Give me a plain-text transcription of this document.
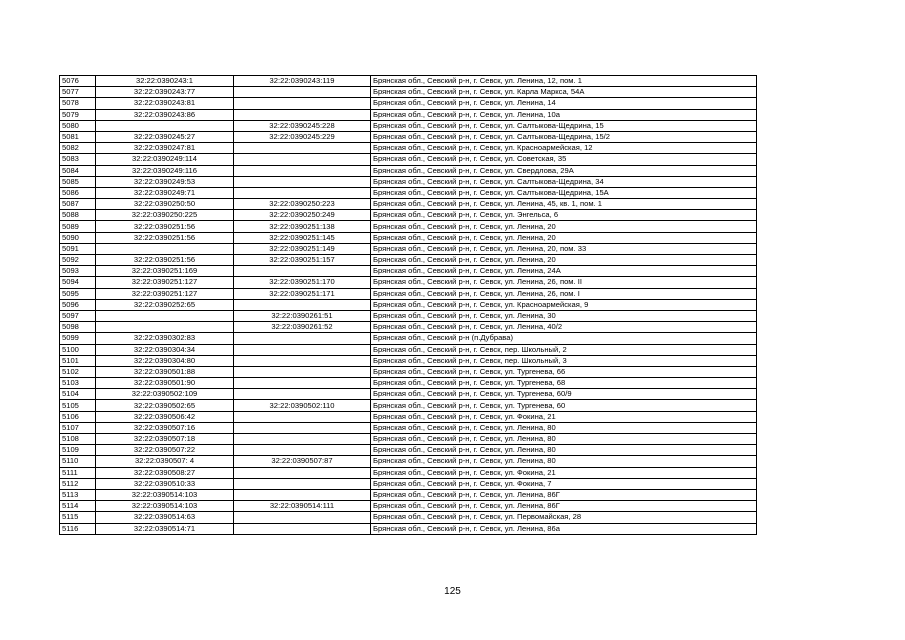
5076	32:22:0390243:1	32:22:0390243:119	Брянская обл., Севский р-н, г. Севск, ул. Ленина, 12, пом. 1
5077	32:22:0390243:77		Брянская обл., Севский р-н, г. Севск, ул. Карла Маркса, 54А
5078	32:22:0390243:81		Брянская обл., Севский р-н, г. Севск, ул. Ленина, 14
5079	32:22:0390243:86		Брянская обл., Севский р-н, г. Севск, ул. Ленина, 10а
5080		32:22:0390245:228	Брянская обл., Севский р-н, г. Севск, ул. Салтыкова-Щедрина, 15
5081	32:22:0390245:27	32:22:0390245:229	Брянская обл., Севский р-н, г. Севск, ул. Салтыкова-Щедрина, 15/2
5082	32:22:0390247:81		Брянская обл., Севский р-н, г. Севск, ул. Красноармейская, 12
5083	32:22:0390249:114		Брянская обл., Севский р-н, г. Севск, ул. Советская, 35
5084	32:22:0390249:116		Брянская обл., Севский р-н, г. Севск, ул. Свердлова, 29А
5085	32:22:0390249:53		Брянская обл., Севский р-н, г. Севск, ул. Салтыкова-Щедрина, 34
5086	32:22:0390249:71		Брянская обл., Севский р-н, г. Севск, ул. Салтыкова-Щедрина, 15А
5087	32:22:0390250:50	32:22:0390250:223	Брянская обл., Севский р-н, г. Севск, ул. Ленина, 45, кв. 1, пом. 1
5088	32:22:0390250:225	32:22:0390250:249	Брянская обл., Севский р-н, г. Севск, ул. Энгельса, 6
5089	32:22:0390251:56	32:22:0390251:138	Брянская обл., Севский р-н, г. Севск, ул. Ленина, 20
5090	32:22:0390251:56	32:22:0390251:145	Брянская обл., Севский р-н, г. Севск, ул. Ленина, 20
5091		32:22:0390251:149	Брянская обл., Севский р-н, г. Севск, ул. Ленина, 20, пом. 33
5092	32:22:0390251:56	32:22:0390251:157	Брянская обл., Севский р-н, г. Севск, ул. Ленина, 20
5093	32:22:0390251:169		Брянская обл., Севский р-н, г. Севск, ул. Ленина, 24А
5094	32:22:0390251:127	32:22:0390251:170	Брянская обл., Севский р-н, г. Севск, ул. Ленина, 26, пом. II
5095	32:22:0390251:127	32:22:0390251:171	Брянская обл., Севский р-н, г. Севск, ул. Ленина, 26, пом. I
5096	32:22:0390252:65		Брянская обл., Севский р-н, г. Севск, ул. Красноармейская, 9
5097		32:22:0390261:51	Брянская обл., Севский р-н, г. Севск, ул. Ленина, 30
5098		32:22:0390261:52	Брянская обл., Севский р-н, г. Севск, ул. Ленина, 40/2
5099	32:22:0390302:83		Брянская обл., Севский р-н (п.Дубрава)
5100	32:22:0390304:34		Брянская обл., Севский р-н, г. Севск, пер. Школьный, 2
5101	32:22:0390304:80		Брянская обл., Севский р-н, г. Севск, пер. Школьный, 3
5102	32:22:0390501:88		Брянская обл., Севский р-н, г. Севск, ул. Тургенева, 66
5103	32:22:0390501:90		Брянская обл., Севский р-н, г. Севск, ул. Тургенева, 68
5104	32:22:0390502:109		Брянская обл., Севский р-н, г. Севск, ул. Тургенева, 60/9
5105	32:22:0390502:65	32:22:0390502:110	Брянская обл., Севский р-н, г. Севск, ул. Тургенева, 60
5106	32:22:0390506:42		Брянская обл., Севский р-н, г. Севск, ул. Фокина, 21
5107	32:22:0390507:16		Брянская обл., Севский р-н, г. Севск, ул. Ленина, 80
5108	32:22:0390507:18		Брянская обл., Севский р-н, г. Севск, ул. Ленина, 80
5109	32:22:0390507:22		Брянская обл., Севский р-н, г. Севск, ул. Ленина, 80
5110	32:22:0390507: 4	32:22:0390507:87	Брянская обл., Севский р-н, г. Севск, ул. Ленина, 80
5111	32:22:0390508:27		Брянская обл., Севский р-н, г. Севск, ул. Фокина, 21
5112	32:22:0390510:33		Брянская обл., Севский р-н, г. Севск, ул. Фокина, 7
5113	32:22:0390514:103		Брянская обл., Севский р-н, г. Севск, ул. Ленина, 86Г
5114	32:22:0390514:103	32:22:0390514:111	Брянская обл., Севский р-н, г. Севск, ул. Ленина, 86Г
5115	32:22:0390514:63		Брянская обл., Севский р-н, г. Севск, ул. Первомайская, 28
5116	32:22:0390514:71		Брянская обл., Севский р-н, г. Севск, ул. Ленина, 86а
125
